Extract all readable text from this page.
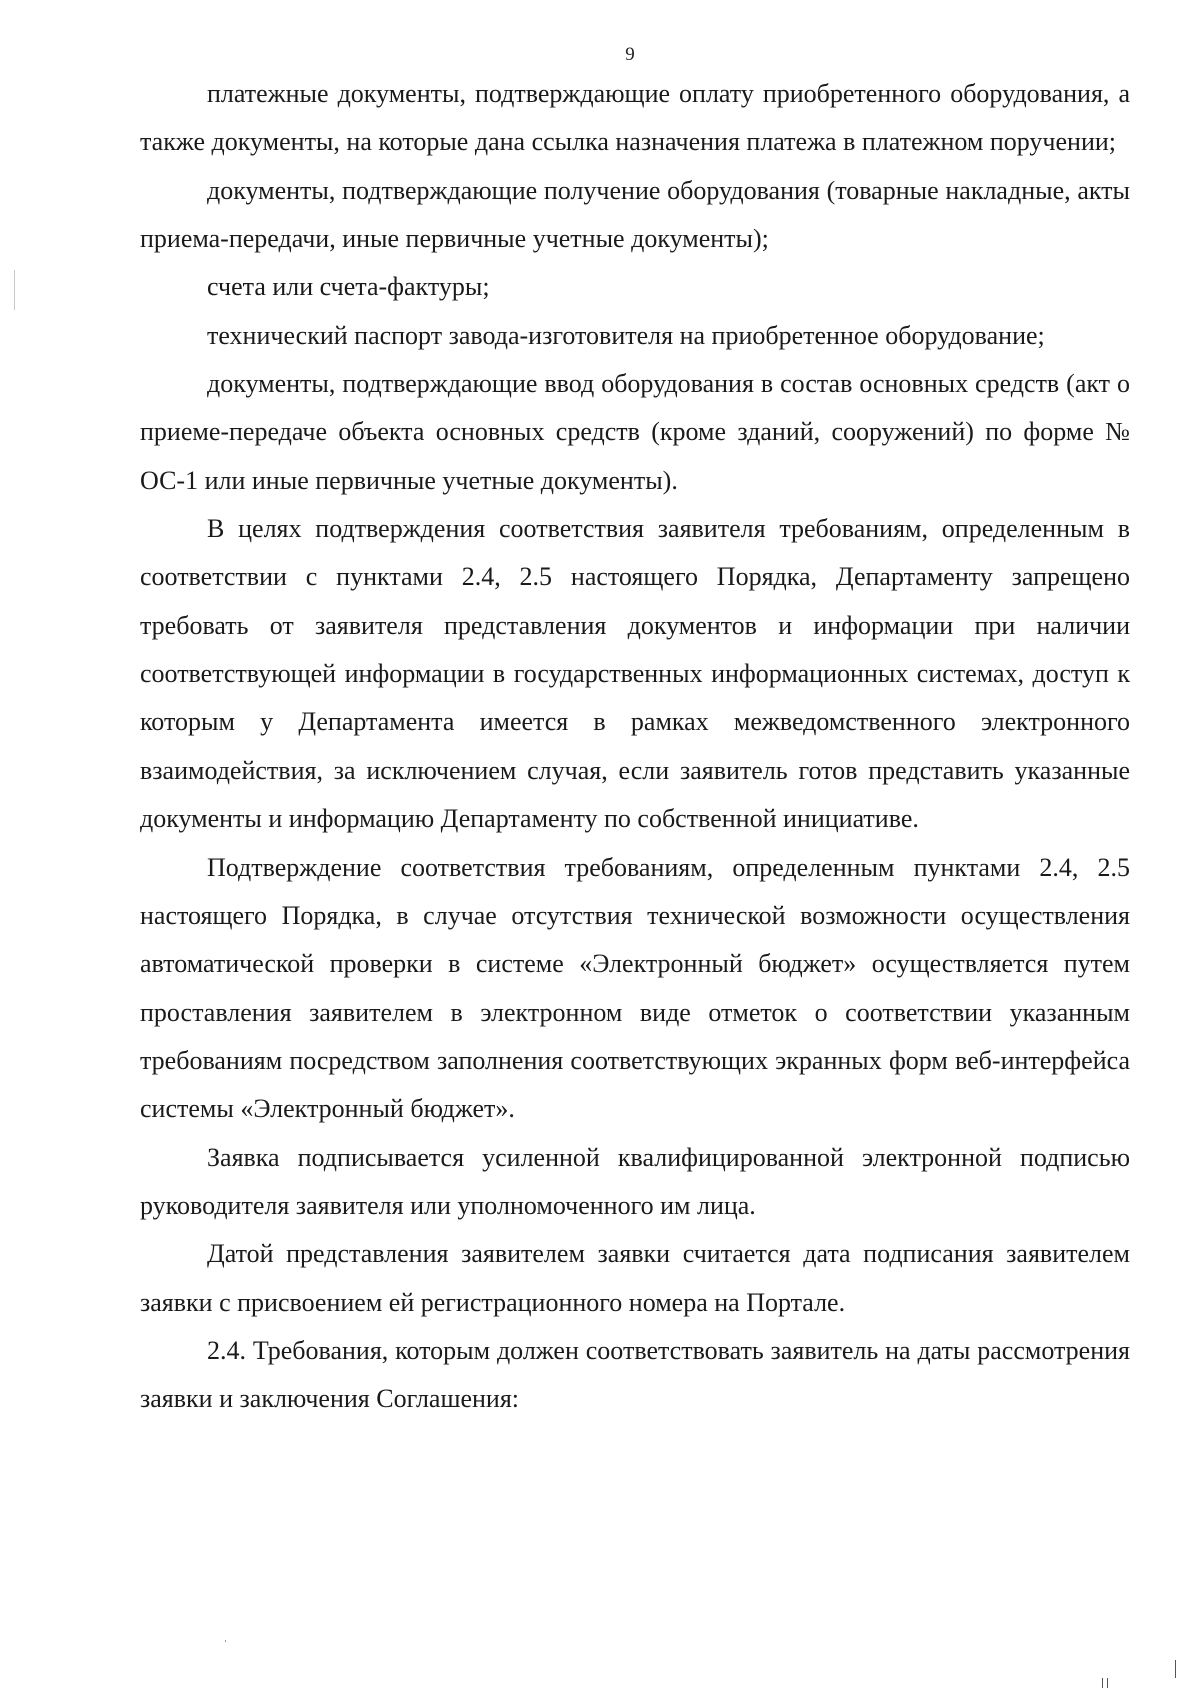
9

платежные документы, подтверждающие оплату приобретенного оборудования, а также документы, на которые дана ссылка назначения платежа в платежном поручении;

документы, подтверждающие получение оборудования (товарные накладные, акты приема-передачи, иные первичные учетные документы);

счета или счета-фактуры;

технический паспорт завода-изготовителя на приобретенное оборудование;

документы, подтверждающие ввод оборудования в состав основных средств (акт о приеме-передаче объекта основных средств (кроме зданий, сооружений) по форме № ОС-1 или иные первичные учетные документы).

В целях подтверждения соответствия заявителя требованиям, определенным в соответствии с пунктами 2.4, 2.5 настоящего Порядка, Департаменту запрещено требовать от заявителя представления документов и информации при наличии соответствующей информации в государственных информационных системах, доступ к которым у Департамента имеется в рамках межведомственного электронного взаимодействия, за исключением случая, если заявитель готов представить указанные документы и информацию Департаменту по собственной инициативе.

Подтверждение соответствия требованиям, определенным пунктами 2.4, 2.5 настоящего Порядка, в случае отсутствия технической возможности осуществления автоматической проверки в системе «Электронный бюджет» осуществляется путем проставления заявителем в электронном виде отметок о соответствии указанным требованиям посредством заполнения соответствующих экранных форм веб-интерфейса системы «Электронный бюджет».

Заявка подписывается усиленной квалифицированной электронной подписью руководителя заявителя или уполномоченного им лица.

Датой представления заявителем заявки считается дата подписания заявителем заявки с присвоением ей регистрационного номера на Портале.

2.4. Требования, которым должен соответствовать заявитель на даты рассмотрения заявки и заключения Соглашения:
